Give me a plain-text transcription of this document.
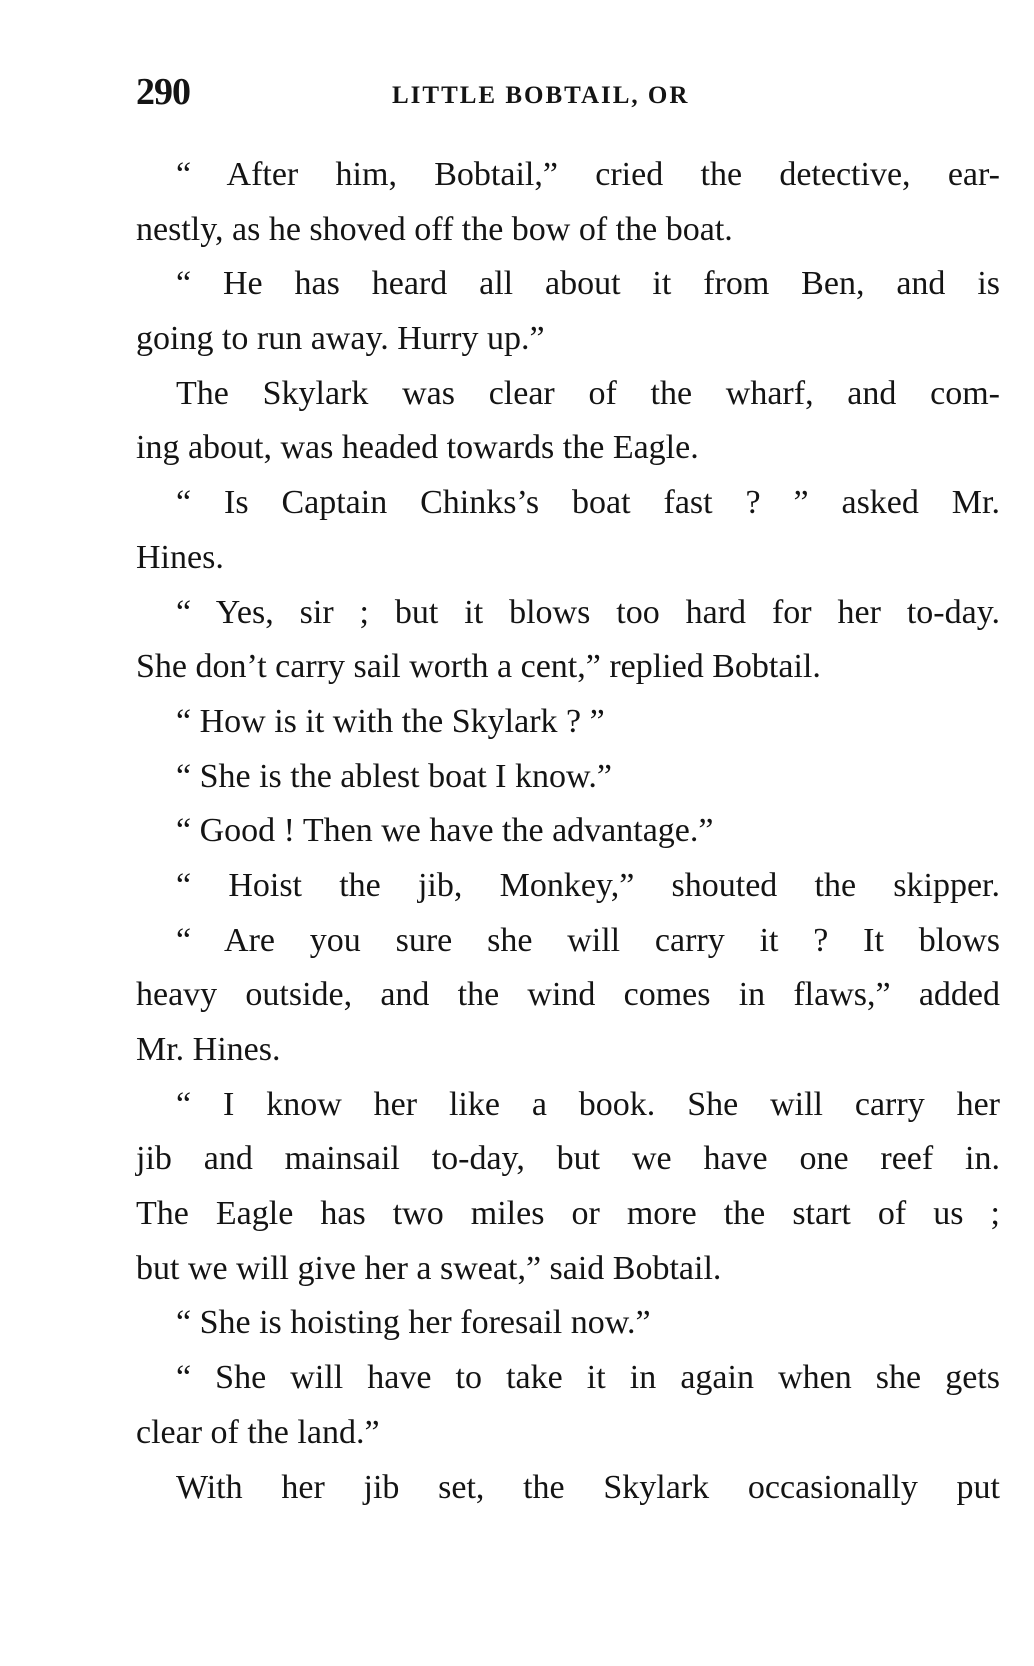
290	LITTLE BOBTAIL, OR
“ After him, Bobtail,” cried the detective, ear-
nestly, as he shoved off the bow of the boat.
“ He has heard all about it from Ben, and is
going to run away. Hurry up.”
The Skylark was clear of the wharf, and com-
ing about, was headed towards the Eagle.
“ Is Captain Chinks’s boat fast ? ” asked Mr.
Hines.
“ Yes, sir ; but it blows too hard for her to-day.
She don’t carry sail worth a cent,” replied Bobtail.
“ How is it with the Skylark ? ”
“ She is the ablest boat I know.”
“ Good ! Then we have the advantage.”
“ Hoist the jib, Monkey,” shouted the skipper.
“ Are you sure she will carry it ? It blows
heavy outside, and the wind comes in flaws,” added
Mr. Hines.
“ I know her like a book. She will carry her
jib and mainsail to-day, but we have one reef in.
The Eagle has two miles or more the start of us ;
but we will give her a sweat,” said Bobtail.
“ She is hoisting her foresail now.”
“ She will have to take it in again when she gets
clear of the land.”
With her jib set, the Skylark occasionally put
